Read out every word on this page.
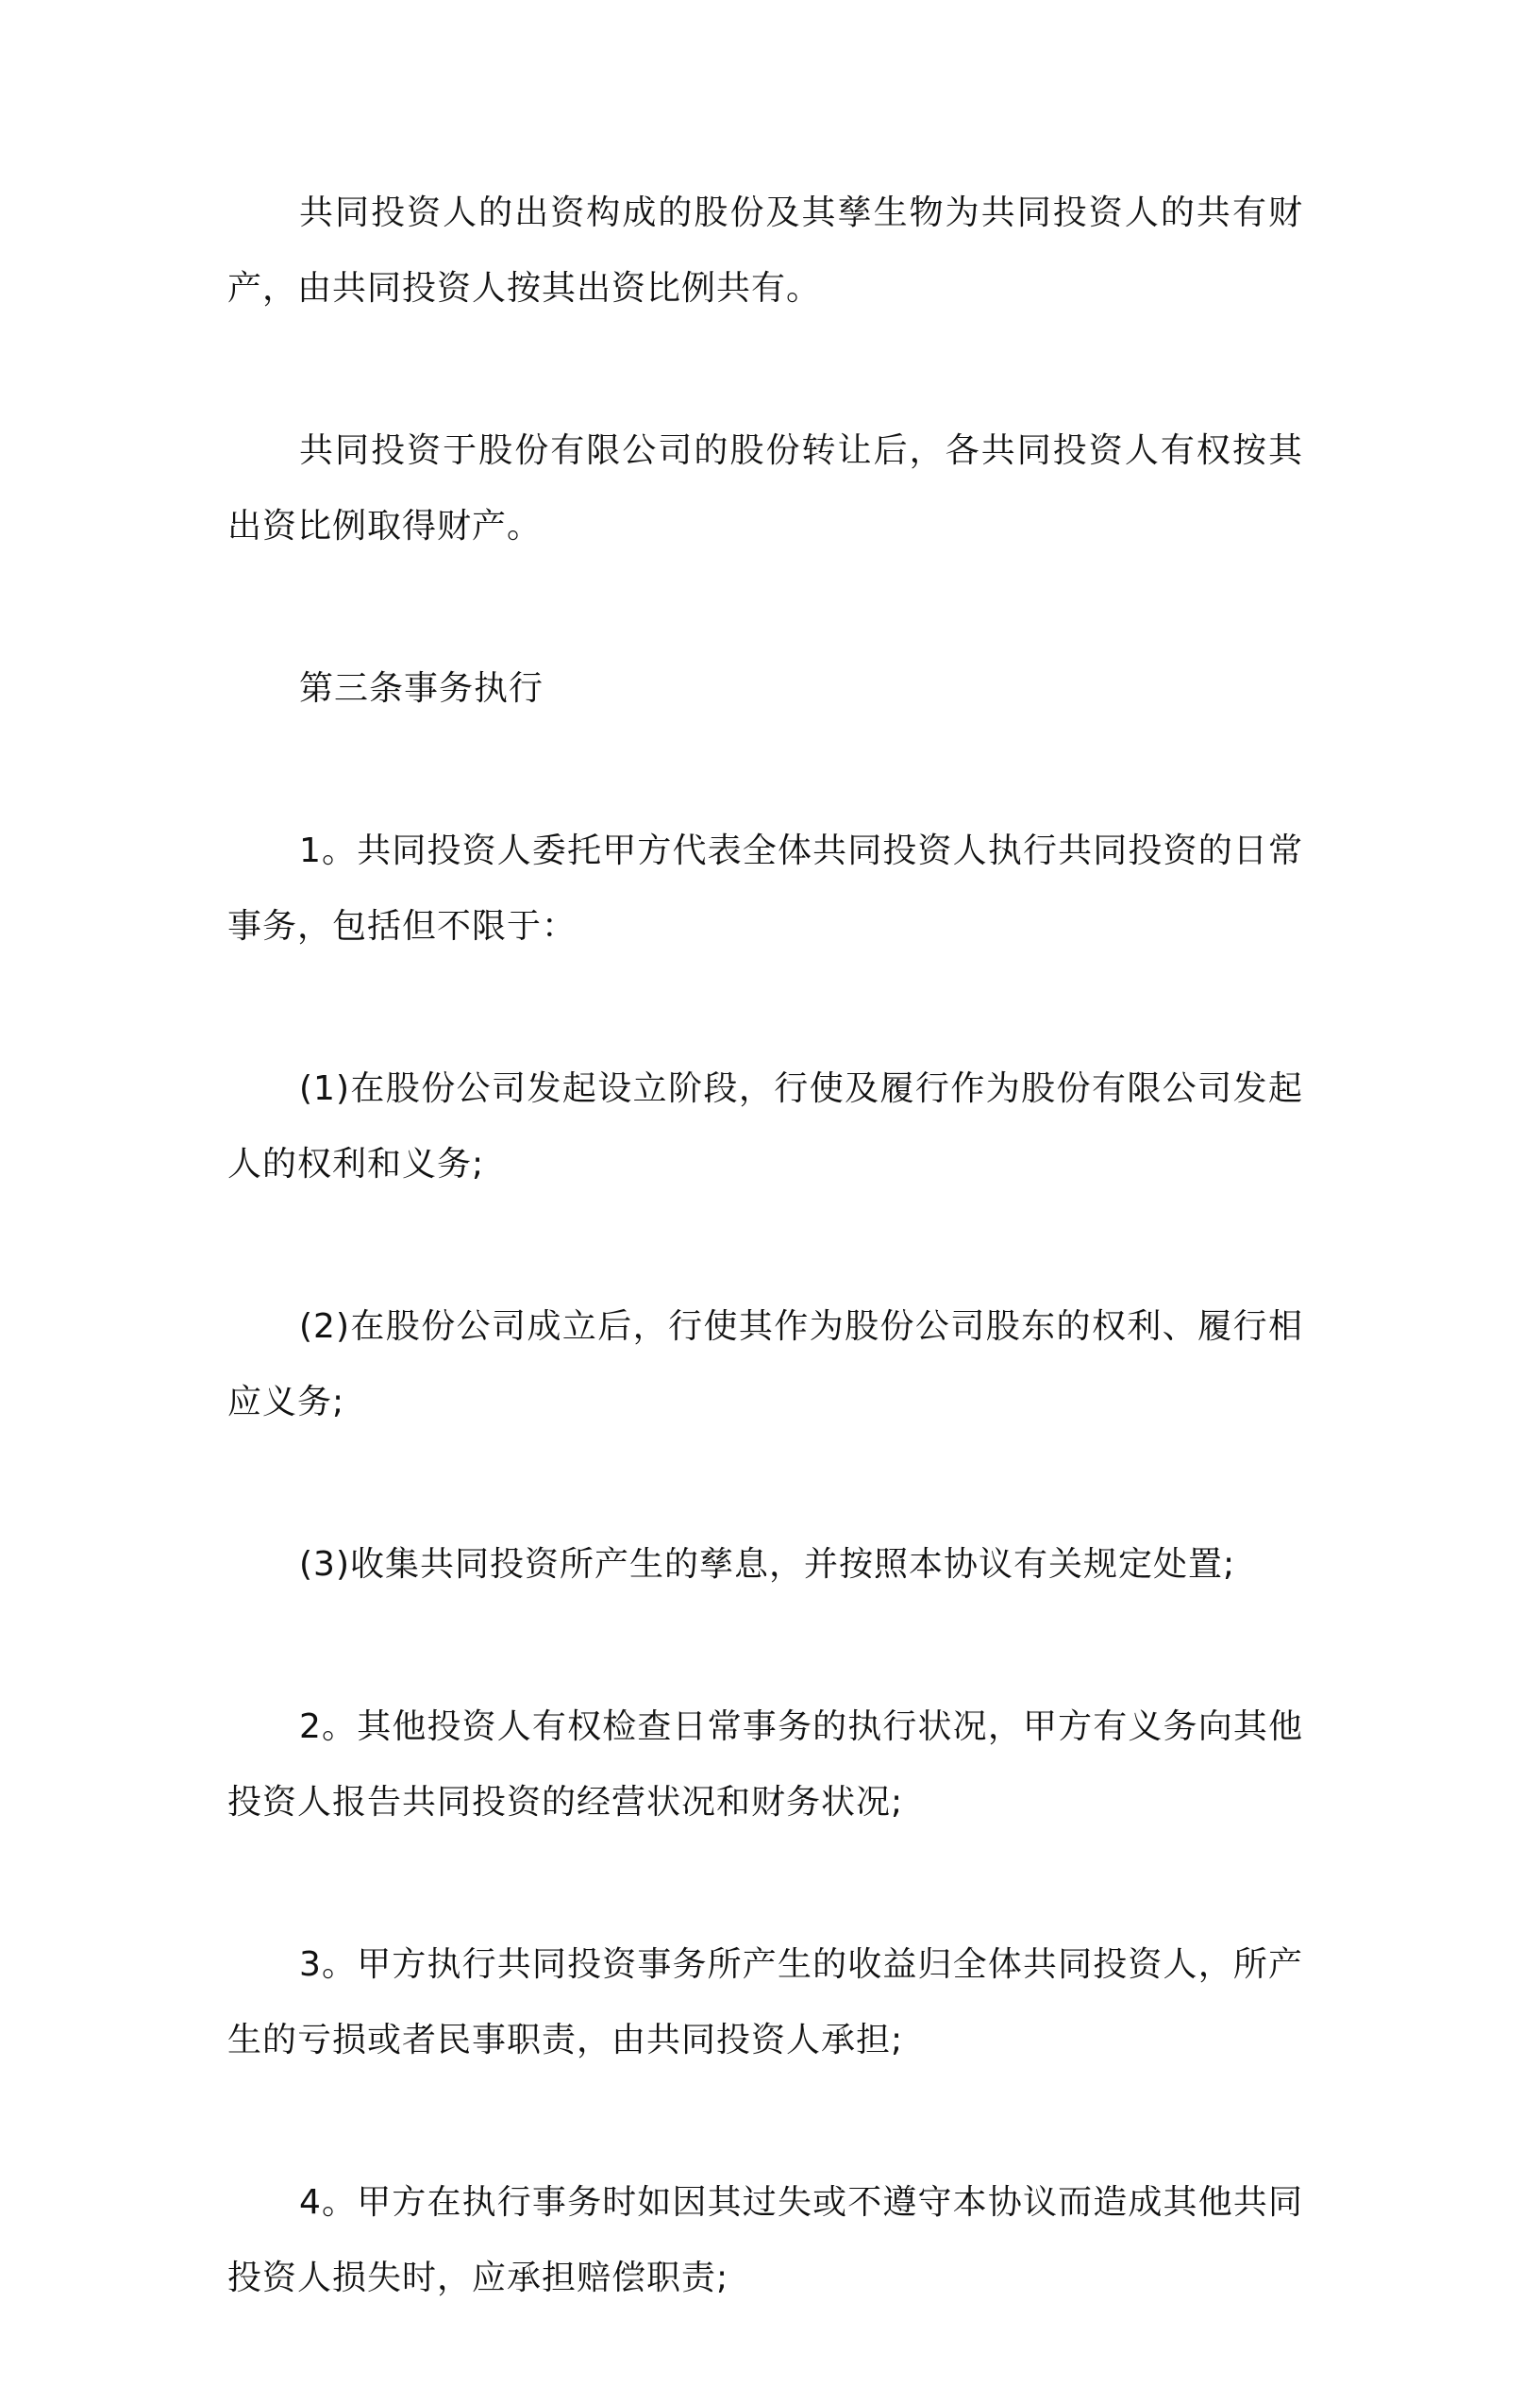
共同投资人的出资构成的股份及其孳生物为共同投资人的共有财产，由共同投资人按其出资比例共有。

共同投资于股份有限公司的股份转让后，各共同投资人有权按其出资比例取得财产。

第三条事务执行

1。共同投资人委托甲方代表全体共同投资人执行共同投资的日常事务，包括但不限于：

(1)在股份公司发起设立阶段，行使及履行作为股份有限公司发起人的权利和义务;

(2)在股份公司成立后，行使其作为股份公司股东的权利、履行相应义务;

(3)收集共同投资所产生的孳息，并按照本协议有关规定处置;

2。其他投资人有权检查日常事务的执行状况，甲方有义务向其他投资人报告共同投资的经营状况和财务状况;

3。甲方执行共同投资事务所产生的收益归全体共同投资人，所产生的亏损或者民事职责，由共同投资人承担;

4。甲方在执行事务时如因其过失或不遵守本协议而造成其他共同投资人损失时，应承担赔偿职责;
